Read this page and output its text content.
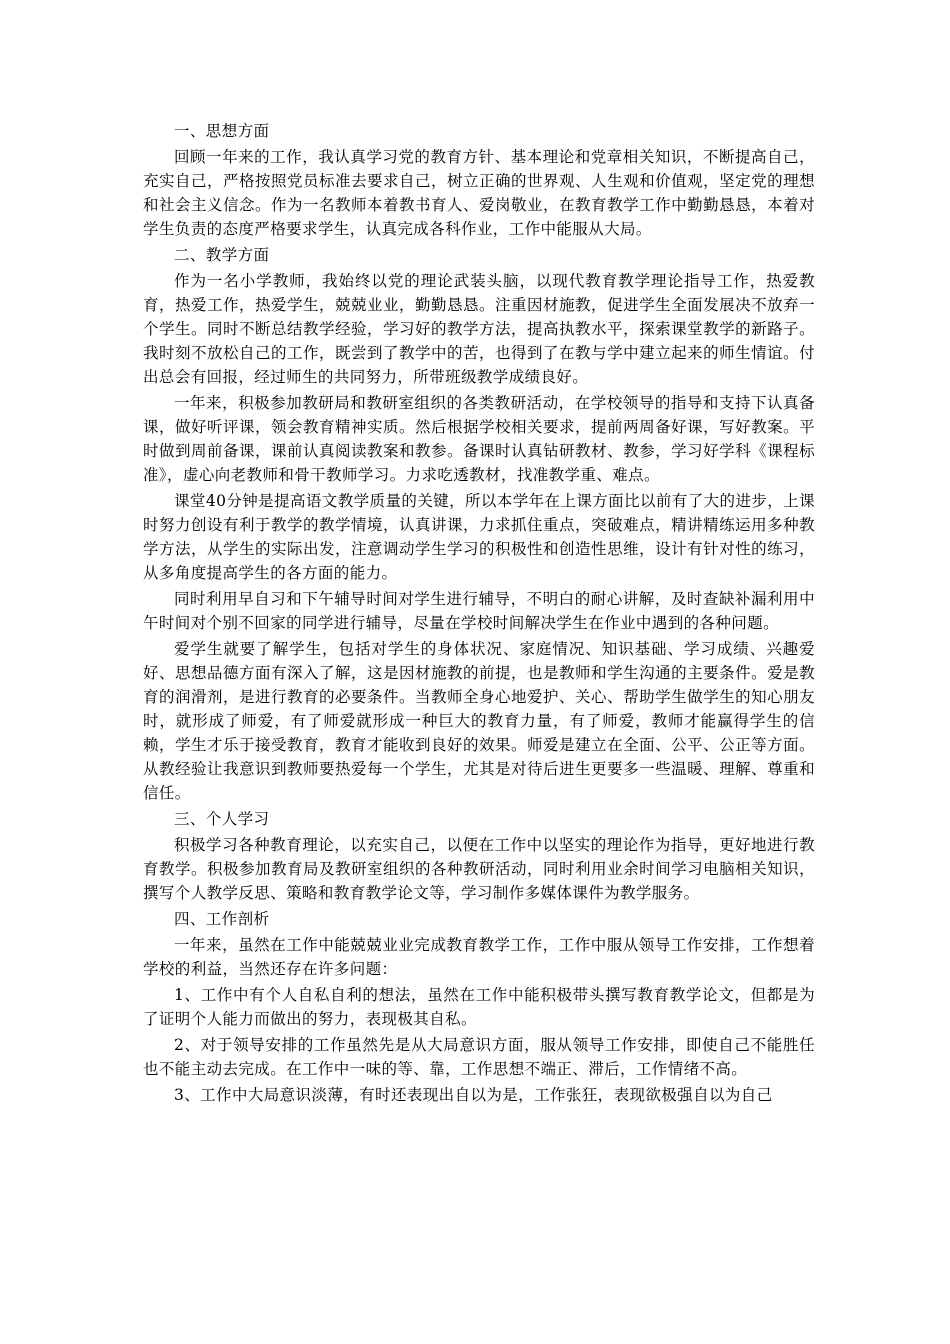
一、思想方面

回顾一年来的工作，我认真学习党的教育方针、基本理论和党章相关知识，不断提高自己，充实自己，严格按照党员标准去要求自己，树立正确的世界观、人生观和价值观，坚定党的理想和社会主义信念。作为一名教师本着教书育人、爱岗敬业，在教育教学工作中勤勤恳恳，本着对学生负责的态度严格要求学生，认真完成各科作业，工作中能服从大局。

二、教学方面

作为一名小学教师，我始终以党的理论武装头脑，以现代教育教学理论指导工作，热爱教育，热爱工作，热爱学生，兢兢业业，勤勤恳恳。注重因材施教，促进学生全面发展决不放弃一个学生。同时不断总结教学经验，学习好的教学方法，提高执教水平，探索课堂教学的新路子。我时刻不放松自己的工作，既尝到了教学中的苦，也得到了在教与学中建立起来的师生情谊。付出总会有回报，经过师生的共同努力，所带班级教学成绩良好。

一年来，积极参加教研局和教研室组织的各类教研活动，在学校领导的指导和支持下认真备课，做好听评课，领会教育精神实质。然后根据学校相关要求，提前两周备好课，写好教案。平时做到周前备课，课前认真阅读教案和教参。备课时认真钻研教材、教参，学习好学科《课程标准》，虚心向老教师和骨干教师学习。力求吃透教材，找准教学重、难点。

课堂40分钟是提高语文教学质量的关键，所以本学年在上课方面比以前有了大的进步，上课时努力创设有利于教学的教学情境，认真讲课，力求抓住重点，突破难点，精讲精练运用多种教学方法，从学生的实际出发，注意调动学生学习的积极性和创造性思维，设计有针对性的练习，从多角度提高学生的各方面的能力。

同时利用早自习和下午辅导时间对学生进行辅导，不明白的耐心讲解，及时查缺补漏利用中午时间对个别不回家的同学进行辅导，尽量在学校时间解决学生在作业中遇到的各种问题。

爱学生就要了解学生，包括对学生的身体状况、家庭情况、知识基础、学习成绩、兴趣爱好、思想品德方面有深入了解，这是因材施教的前提，也是教师和学生沟通的主要条件。爱是教育的润滑剂，是进行教育的必要条件。当教师全身心地爱护、关心、帮助学生做学生的知心朋友时，就形成了师爱，有了师爱就形成一种巨大的教育力量，有了师爱，教师才能赢得学生的信赖，学生才乐于接受教育，教育才能收到良好的效果。师爱是建立在全面、公平、公正等方面。从教经验让我意识到教师要热爱每一个学生，尤其是对待后进生更要多一些温暖、理解、尊重和信任。

三、个人学习

积极学习各种教育理论，以充实自己，以便在工作中以坚实的理论作为指导，更好地进行教育教学。积极参加教育局及教研室组织的各种教研活动，同时利用业余时间学习电脑相关知识，撰写个人教学反思、策略和教育教学论文等，学习制作多媒体课件为教学服务。

四、工作剖析

一年来，虽然在工作中能兢兢业业完成教育教学工作，工作中服从领导工作安排，工作想着学校的利益，当然还存在许多问题：

1、工作中有个人自私自利的想法，虽然在工作中能积极带头撰写教育教学论文，但都是为了证明个人能力而做出的努力，表现极其自私。

2、对于领导安排的工作虽然先是从大局意识方面，服从领导工作安排，即使自己不能胜任也不能主动去完成。在工作中一味的等、靠，工作思想不端正、滞后，工作情绪不高。

3、工作中大局意识淡薄，有时还表现出自以为是，工作张狂，表现欲极强自以为自己
